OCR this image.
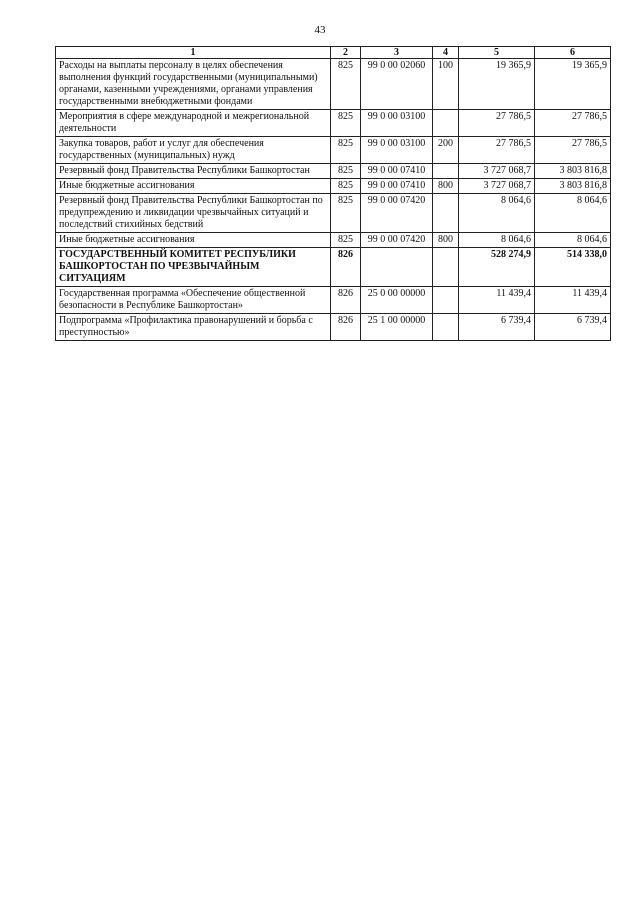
43
1	2	3	4	5	6
Расходы на выплаты персоналу в целях обеспечения выполнения функций государственными (муниципальными) органами, казенными учреждениями, органами управления государственными внебюджетными фондами	825	99 0 00 02060	100	19 365,9	19 365,9
Мероприятия в сфере международной и межрегиональной деятельности	825	99 0 00 03100		27 786,5	27 786,5
Закупка товаров, работ и услуг для обеспечения государственных (муниципальных) нужд	825	99 0 00 03100	200	27 786,5	27 786,5
Резервный фонд Правительства Республики Башкортостан	825	99 0 00 07410		3 727 068,7	3 803 816,8
Иные бюджетные ассигнования	825	99 0 00 07410	800	3 727 068,7	3 803 816,8
Резервный фонд Правительства Республики Башкортостан по предупреждению и ликвидации чрезвычайных ситуаций и последствий стихийных бедствий	825	99 0 00 07420		8 064,6	8 064,6
Иные бюджетные ассигнования	825	99 0 00 07420	800	8 064,6	8 064,6
ГОСУДАРСТВЕННЫЙ КОМИТЕТ РЕСПУБЛИКИ БАШКОРТОСТАН ПО ЧРЕЗВЫЧАЙНЫМ СИТУАЦИЯМ	826			528 274,9	514 338,0
Государственная программа «Обеспечение общественной безопасности в Республике Башкортостан»	826	25 0 00 00000		11 439,4	11 439,4
Подпрограмма «Профилактика правонарушений и борьба с преступностью»	826	25 1 00 00000		6 739,4	6 739,4
